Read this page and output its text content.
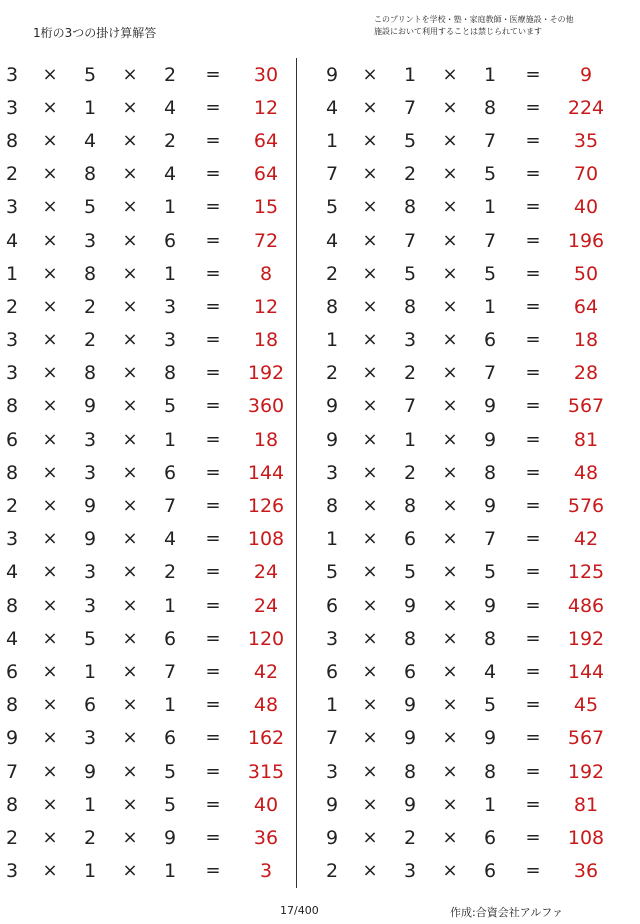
1桁の3つの掛け算解答
このプリントを学校・塾・家庭教師・医療施設・その他
施設において利用することは禁じられています
3 × 5 × 2 = 30
3 × 1 × 4 = 12
8 × 4 × 2 = 64
2 × 8 × 4 = 64
3 × 5 × 1 = 15
4 × 3 × 6 = 72
1 × 8 × 1 = 8
2 × 2 × 3 = 12
3 × 2 × 3 = 18
3 × 8 × 8 = 192
8 × 9 × 5 = 360
6 × 3 × 1 = 18
8 × 3 × 6 = 144
2 × 9 × 7 = 126
3 × 9 × 4 = 108
4 × 3 × 2 = 24
8 × 3 × 1 = 24
4 × 5 × 6 = 120
6 × 1 × 7 = 42
8 × 6 × 1 = 48
9 × 3 × 6 = 162
7 × 9 × 5 = 315
8 × 1 × 5 = 40
2 × 2 × 9 = 36
3 × 1 × 1 = 3
9 × 1 × 1 = 9
4 × 7 × 8 = 224
1 × 5 × 7 = 35
7 × 2 × 5 = 70
5 × 8 × 1 = 40
4 × 7 × 7 = 196
2 × 5 × 5 = 50
8 × 8 × 1 = 64
1 × 3 × 6 = 18
2 × 2 × 7 = 28
9 × 7 × 9 = 567
9 × 1 × 9 = 81
3 × 2 × 8 = 48
8 × 8 × 9 = 576
1 × 6 × 7 = 42
5 × 5 × 5 = 125
6 × 9 × 9 = 486
3 × 8 × 8 = 192
6 × 6 × 4 = 144
1 × 9 × 5 = 45
7 × 9 × 9 = 567
3 × 8 × 8 = 192
9 × 9 × 1 = 81
9 × 2 × 6 = 108
2 × 3 × 6 = 36
17/400	作成:合資会社アルファ
